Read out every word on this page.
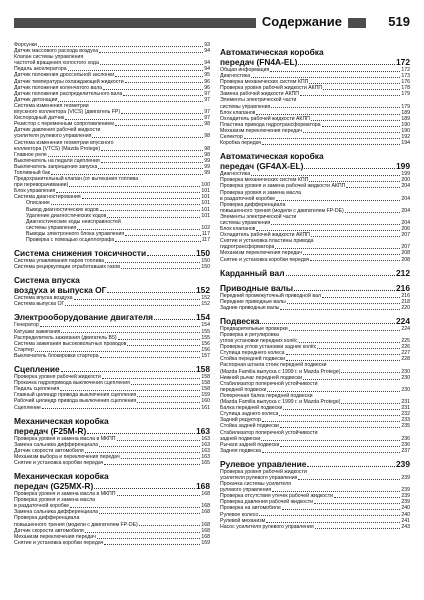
Содержание	519
Форсунки	93
Датчик массового расхода воздуха	94
Клапан системы управления
частотой вращения холостого хода	94
Педаль акселератора	94
Датчик положения дроссельной заслонки	95
Датчик температуры охлаждающей жидкости	96
Датчик положения коленчатого вала	96
Датчик положения распределительного вала	97
Датчик детонации	97
Система изменения геометрии
впускного коллектора (VICS) (двигатель FP)	97
Кислородный датчик	97
Резистор с переменным сопротивлением	98
Датчик давления рабочей жидкости
усилителя рулевого управления	98
Система изменения геометрии впускного
коллектора (VTCS) (Mazda Protege)	98
Главное реле	98
Выключатель на педали сцепления	99
Выключатель запрещения запуска	99
Топливный бак	99
Предохранительный клапан (от вытекания топлива
при переворачивании)	100
Блок управления	101
Система диагностирования	101
Описание	101
Вывод диагностических кодов	101
Удаление диагностических кодов	101
Диагностические коды неисправностей
системы управления	102
Выводы электронного блока управления	117
Проверка с помощью осциллографа	117
Система снижения токсичности	150
Система улавливания паров топлива	150
Система рециркуляции отработавших газов	150
Система впуска
воздуха и выпуска ОГ	152
Система впуска воздуха	152
Система выпуска ОГ	152
Электрооборудование двигателя	154
Генератор	154
Катушки зажигания	155
Распределитель зажигания (двигатель B5)	155
Система зажигания высоковольтных проводов	156
Стартер	156
Выключатель блокировки стартера	157
Сцепление	158
Проверка уровня рабочей жидкости	158
Прокачка гидропривода выключения сцепления	158
Педаль сцепления	158
Главный цилиндр привода выключения сцепления	159
Рабочий цилиндр привода выключения сцепления	160
Сцепление	161
Механическая коробка
передач (F25M-R)	163
Проверка уровня и замена масла в МКПП	163
Замена сальника дифференциала	163
Датчик скорости автомобиля	163
Механизм выбора и переключения передач	163
Снятие и установка коробки передач	165
Механическая коробка
передач (G25MX-R)	168
Проверка уровня и замена масла в МКПП	168
Проверка уровня и замена масла
в раздаточной коробке	168
Замена сальника дифференциала	168
Проверка дифференциала
повышенного трения (модели с двигателем FP-DE)	168
Датчик скорости автомобиля	168
Механизм переключения передач	168
Снятие и установка коробки передач	169
Автоматическая коробка
передач (FN4A-EL)	172
Общая информация	172
Диагностика	173
Проверка механических систем КПП	176
Проверка уровня рабочей жидкости АКПП	178
Замена рабочей жидкости АКПП	179
Элементы электрической части
системы управления	179
Блок клапанов	189
Охладитель рабочей жидкости АКПП	189
Пластина привода гидротрансформатора	190
Механизм переключения передач	190
Селектор	192
Коробка передач	194
Автоматическая коробка
передач (GF4AX-EL)	199
Диагностика	199
Проверка механических систем КПП	200
Проверка уровня и замена рабочей жидкости АКПП	204
Проверка уровня и замена масла
в раздаточной коробке	204
Проверка дифференциала
повышенного трения (модели с двигателем FP-DE)	204
Элементы электрической части
системы управления	204
Блок клапанов	206
Охладитель рабочей жидкости АКПП	207
Снятие и установка пластины привода
гидротрансформатора	207
Механизм переключения передач	208
Снятие и установка коробки передач	208
Карданный вал	212
Приводные валы	216
Передний промежуточный приводной вал	216
Передние приводные валы	218
Задние приводные валы	220
Подвеска	224
Предварительные проверки	224
Проверка и регулировка
углов установки передних колёс	225
Проверка углов установки задних колёс	226
Ступица переднего колеса	227
Стойка передней подвески	228
Распорная штанга стоек передней подвески
(Mazda Familia выпуска с 1999 г. и Mazda Protege)	230
Нижний рычаг передней подвески	230
Стабилизатор поперечной устойчивости
передней подвески	230
Поперечная балка передней подвески
(Mazda Familia выпуска с 1999 г. и Mazda Protege)	231
Балка передней подвески	231
Ступица заднего колеса	232
Задний редуктор	233
Стойка задней подвески	235
Стабилизатор поперечной устойчивости
задней подвески	236
Рычаги задней подвески	236
Задняя подвеска	237
Рулевое управление	239
Проверка уровня рабочей жидкости
усилителя рулевого управления	239
Прокачка системы усилителя
рулевого управления	239
Проверка отсутствия утечек рабочей жидкости	239
Проверка давления рабочей жидкости	239
Проверка на автомобиле	240
Рулевое колесо	240
Рулевой механизм	241
Насос усилителя рулевого управления	243
